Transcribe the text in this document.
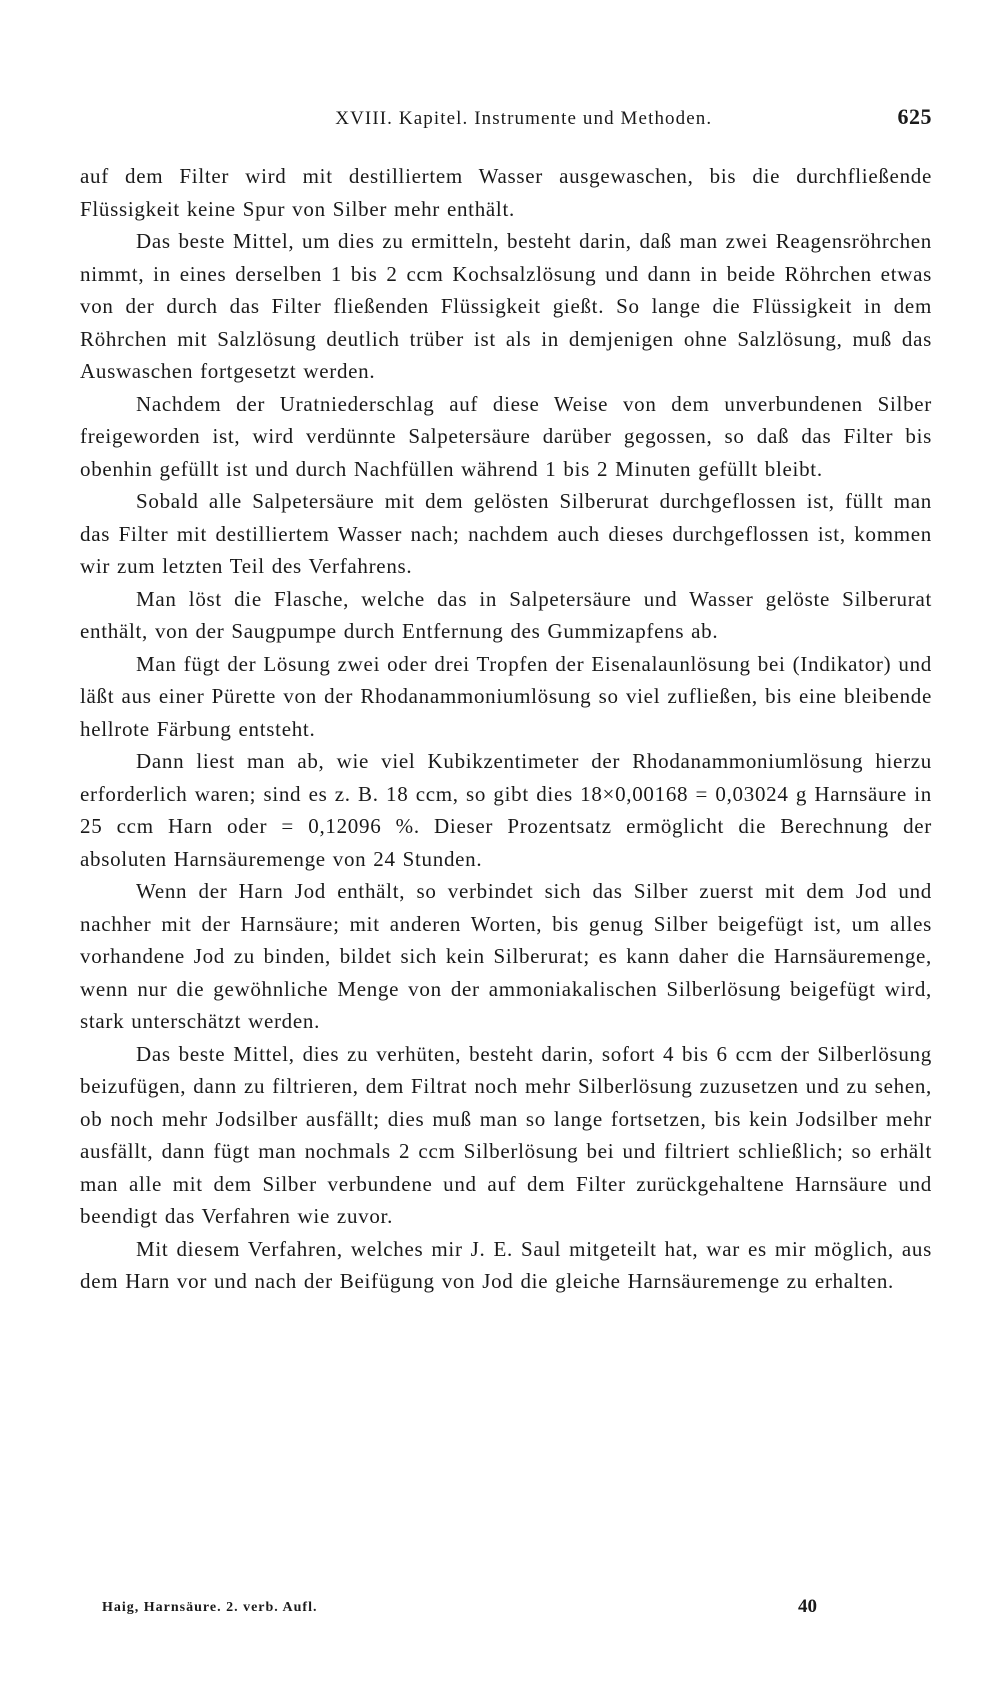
XVIII. Kapitel. Instrumente und Methoden.	625

auf dem Filter wird mit destilliertem Wasser ausgewaschen, bis die durchfließende Flüssigkeit keine Spur von Silber mehr enthält.

Das beste Mittel, um dies zu ermitteln, besteht darin, daß man zwei Reagensröhrchen nimmt, in eines derselben 1 bis 2 ccm Kochsalzlösung und dann in beide Röhrchen etwas von der durch das Filter fließenden Flüssigkeit gießt. So lange die Flüssigkeit in dem Röhrchen mit Salzlösung deutlich trüber ist als in demjenigen ohne Salzlösung, muß das Auswaschen fortgesetzt werden.

Nachdem der Uratniederschlag auf diese Weise von dem unverbundenen Silber freigeworden ist, wird verdünnte Salpetersäure darüber gegossen, so daß das Filter bis obenhin gefüllt ist und durch Nachfüllen während 1 bis 2 Minuten gefüllt bleibt.

Sobald alle Salpetersäure mit dem gelösten Silberurat durchgeflossen ist, füllt man das Filter mit destilliertem Wasser nach; nachdem auch dieses durchgeflossen ist, kommen wir zum letzten Teil des Verfahrens.

Man löst die Flasche, welche das in Salpetersäure und Wasser gelöste Silberurat enthält, von der Saugpumpe durch Entfernung des Gummizapfens ab.

Man fügt der Lösung zwei oder drei Tropfen der Eisenalaunlösung bei (Indikator) und läßt aus einer Pürette von der Rhodanammoniumlösung so viel zufließen, bis eine bleibende hellrote Färbung entsteht.

Dann liest man ab, wie viel Kubikzentimeter der Rhodanammoniumlösung hierzu erforderlich waren; sind es z. B. 18 ccm, so gibt dies 18×0,00168 = 0,03024 g Harnsäure in 25 ccm Harn oder = 0,12096 %. Dieser Prozentsatz ermöglicht die Berechnung der absoluten Harnsäuremenge von 24 Stunden.

Wenn der Harn Jod enthält, so verbindet sich das Silber zuerst mit dem Jod und nachher mit der Harnsäure; mit anderen Worten, bis genug Silber beigefügt ist, um alles vorhandene Jod zu binden, bildet sich kein Silberurat; es kann daher die Harnsäuremenge, wenn nur die gewöhnliche Menge von der ammoniakalischen Silberlösung beigefügt wird, stark unterschätzt werden.

Das beste Mittel, dies zu verhüten, besteht darin, sofort 4 bis 6 ccm der Silberlösung beizufügen, dann zu filtrieren, dem Filtrat noch mehr Silberlösung zuzusetzen und zu sehen, ob noch mehr Jodsilber ausfällt; dies muß man so lange fortsetzen, bis kein Jodsilber mehr ausfällt, dann fügt man nochmals 2 ccm Silberlösung bei und filtriert schließlich; so erhält man alle mit dem Silber verbundene und auf dem Filter zurückgehaltene Harnsäure und beendigt das Verfahren wie zuvor.

Mit diesem Verfahren, welches mir J. E. Saul mitgeteilt hat, war es mir möglich, aus dem Harn vor und nach der Beifügung von Jod die gleiche Harnsäuremenge zu erhalten.

Haig, Harnsäure. 2. verb. Aufl.	40
